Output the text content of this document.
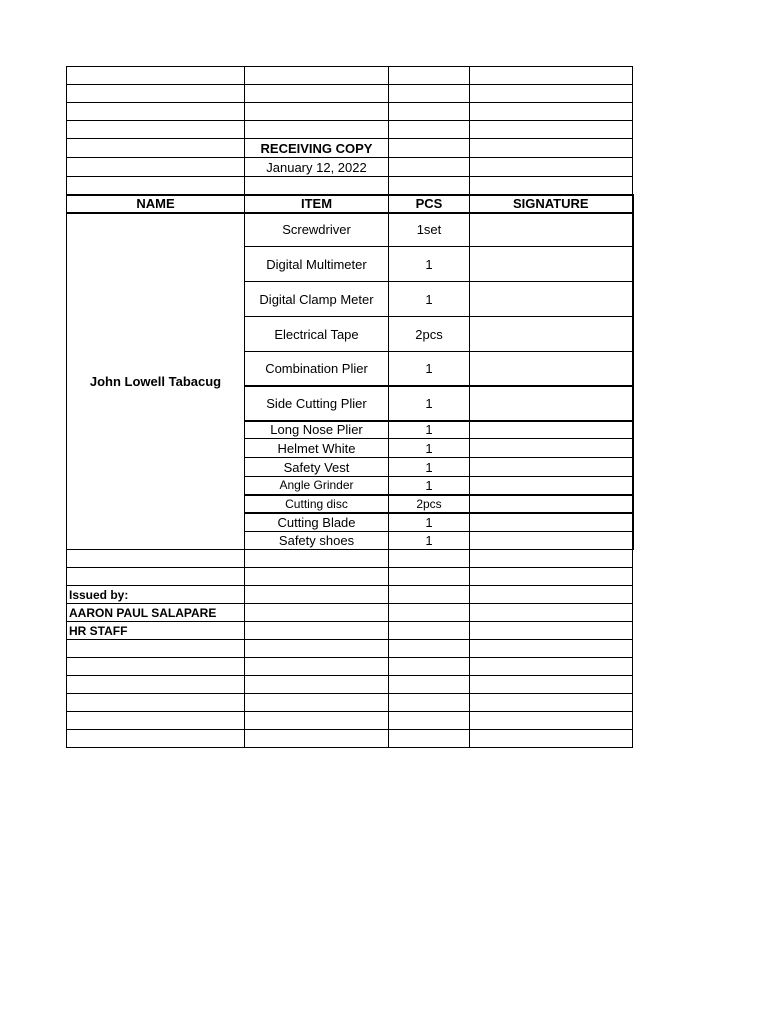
	RECEIVING COPY		
	January 12, 2022		

NAME	ITEM	PCS	SIGNATURE
John Lowell Tabacug	Screwdriver	1set	
	Digital Multimeter	1	
	Digital Clamp Meter	1	
	Electrical Tape	2pcs	
	Combination Plier	1	
	Side Cutting Plier	1	
	Long Nose Plier	1	
	Helmet White	1	
	Safety Vest	1	
	Angle Grinder	1	
	Cutting disc	2pcs	
	Cutting Blade	1	
	Safety shoes	1	

Issued by:			
AARON PAUL SALAPARE			
HR STAFF			
